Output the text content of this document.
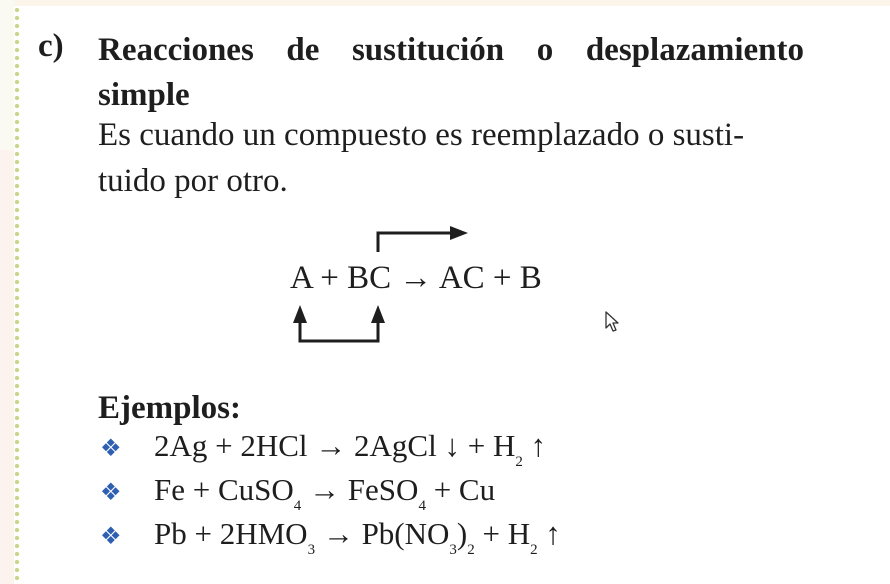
c) Reacciones de sustitución o desplazamiento simple
Es cuando un compuesto es reemplazado o susti- tuido por otro.
A + BC → AC + B
Ejemplos:
❖	2Ag + 2HCl → 2AgCl ↓ + $H_2$ ↑
❖	Fe + CuSO$_4$ → FeSO$_4$ + Cu
❖	$Pb + 2HMO_3 \to Pb(NO_3)_2 + H_2$ ↑
